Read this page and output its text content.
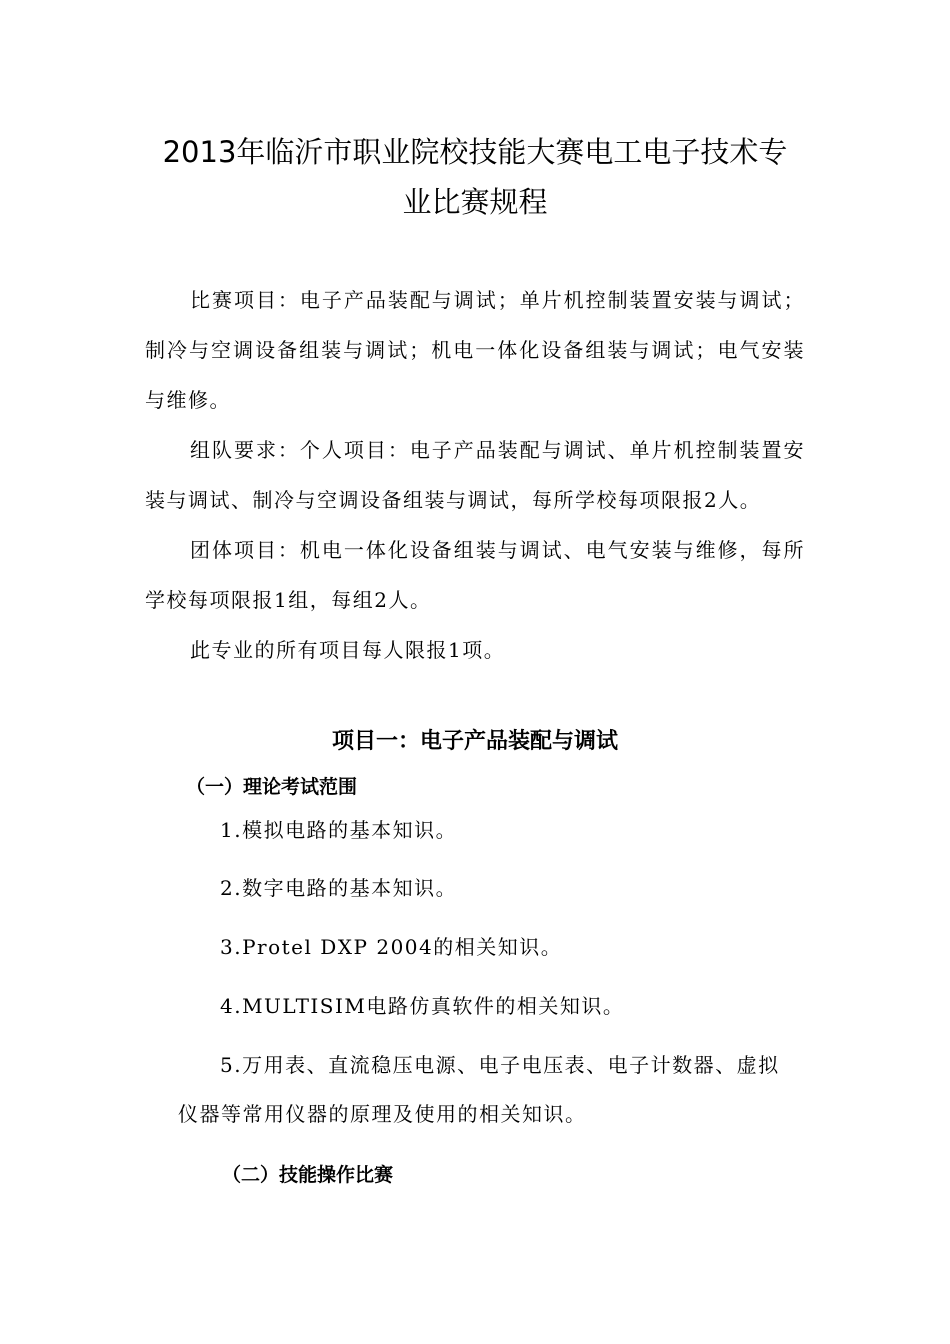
2013年临沂市职业院校技能大赛电工电子技术专
业比赛规程
比赛项目：电子产品装配与调试；单片机控制装置安装与调试；制冷与空调设备组装与调试；机电一体化设备组装与调试；电气安装与维修。
组队要求：个人项目：电子产品装配与调试、单片机控制装置安装与调试、制冷与空调设备组装与调试，每所学校每项限报2人。
团体项目：机电一体化设备组装与调试、电气安装与维修，每所学校每项限报1组，每组2人。
此专业的所有项目每人限报1项。
项目一：电子产品装配与调试
（一）理论考试范围
1.模拟电路的基本知识。
2.数字电路的基本知识。
3.Protel DXP 2004的相关知识。
4.MULTISIM电路仿真软件的相关知识。
5.万用表、直流稳压电源、电子电压表、电子计数器、虚拟
仪器等常用仪器的原理及使用的相关知识。
（二）技能操作比赛
